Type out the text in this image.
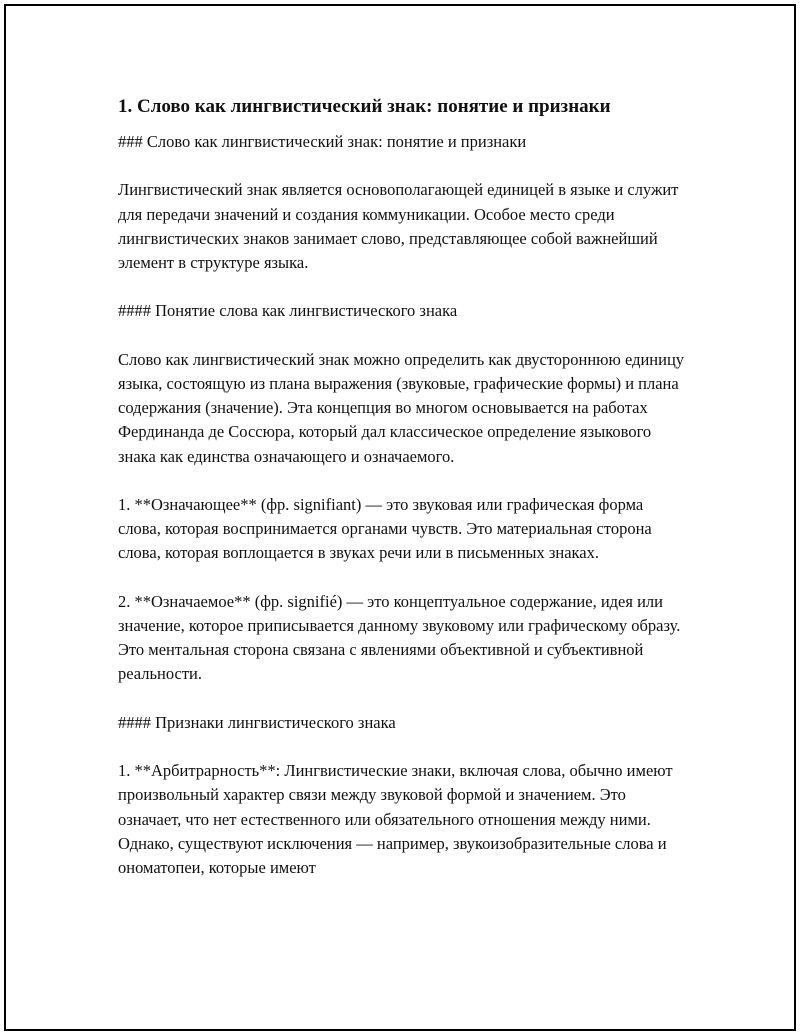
1. Слово как лингвистический знак: понятие и признаки

### Слово как лингвистический знак: понятие и признаки

Лингвистический знак является основополагающей единицей в языке и служит для передачи значений и создания коммуникации. Особое место среди лингвистических знаков занимает слово, представляющее собой важнейший элемент в структуре языка.

#### Понятие слова как лингвистического знака

Слово как лингвистический знак можно определить как двустороннюю единицу языка, состоящую из плана выражения (звуковые, графические формы) и плана содержания (значение). Эта концепция во многом основывается на работах Фердинанда де Соссюра, который дал классическое определение языкового знака как единства означающего и означаемого.

1. **Означающее** (фр. signifiant) — это звуковая или графическая форма слова, которая воспринимается органами чувств. Это материальная сторона слова, которая воплощается в звуках речи или в письменных знаках.

2. **Означаемое** (фр. signifié) — это концептуальное содержание, идея или значение, которое приписывается данному звуковому или графическому образу. Это ментальная сторона связана с явлениями объективной и субъективной реальности.

#### Признаки лингвистического знака

1. **Арбитрарность**: Лингвистические знаки, включая слова, обычно имеют произвольный характер связи между звуковой формой и значением. Это означает, что нет естественного или обязательного отношения между ними. Однако, существуют исключения — например, звукоизобразительные слова и ономатопеи, которые имеют
